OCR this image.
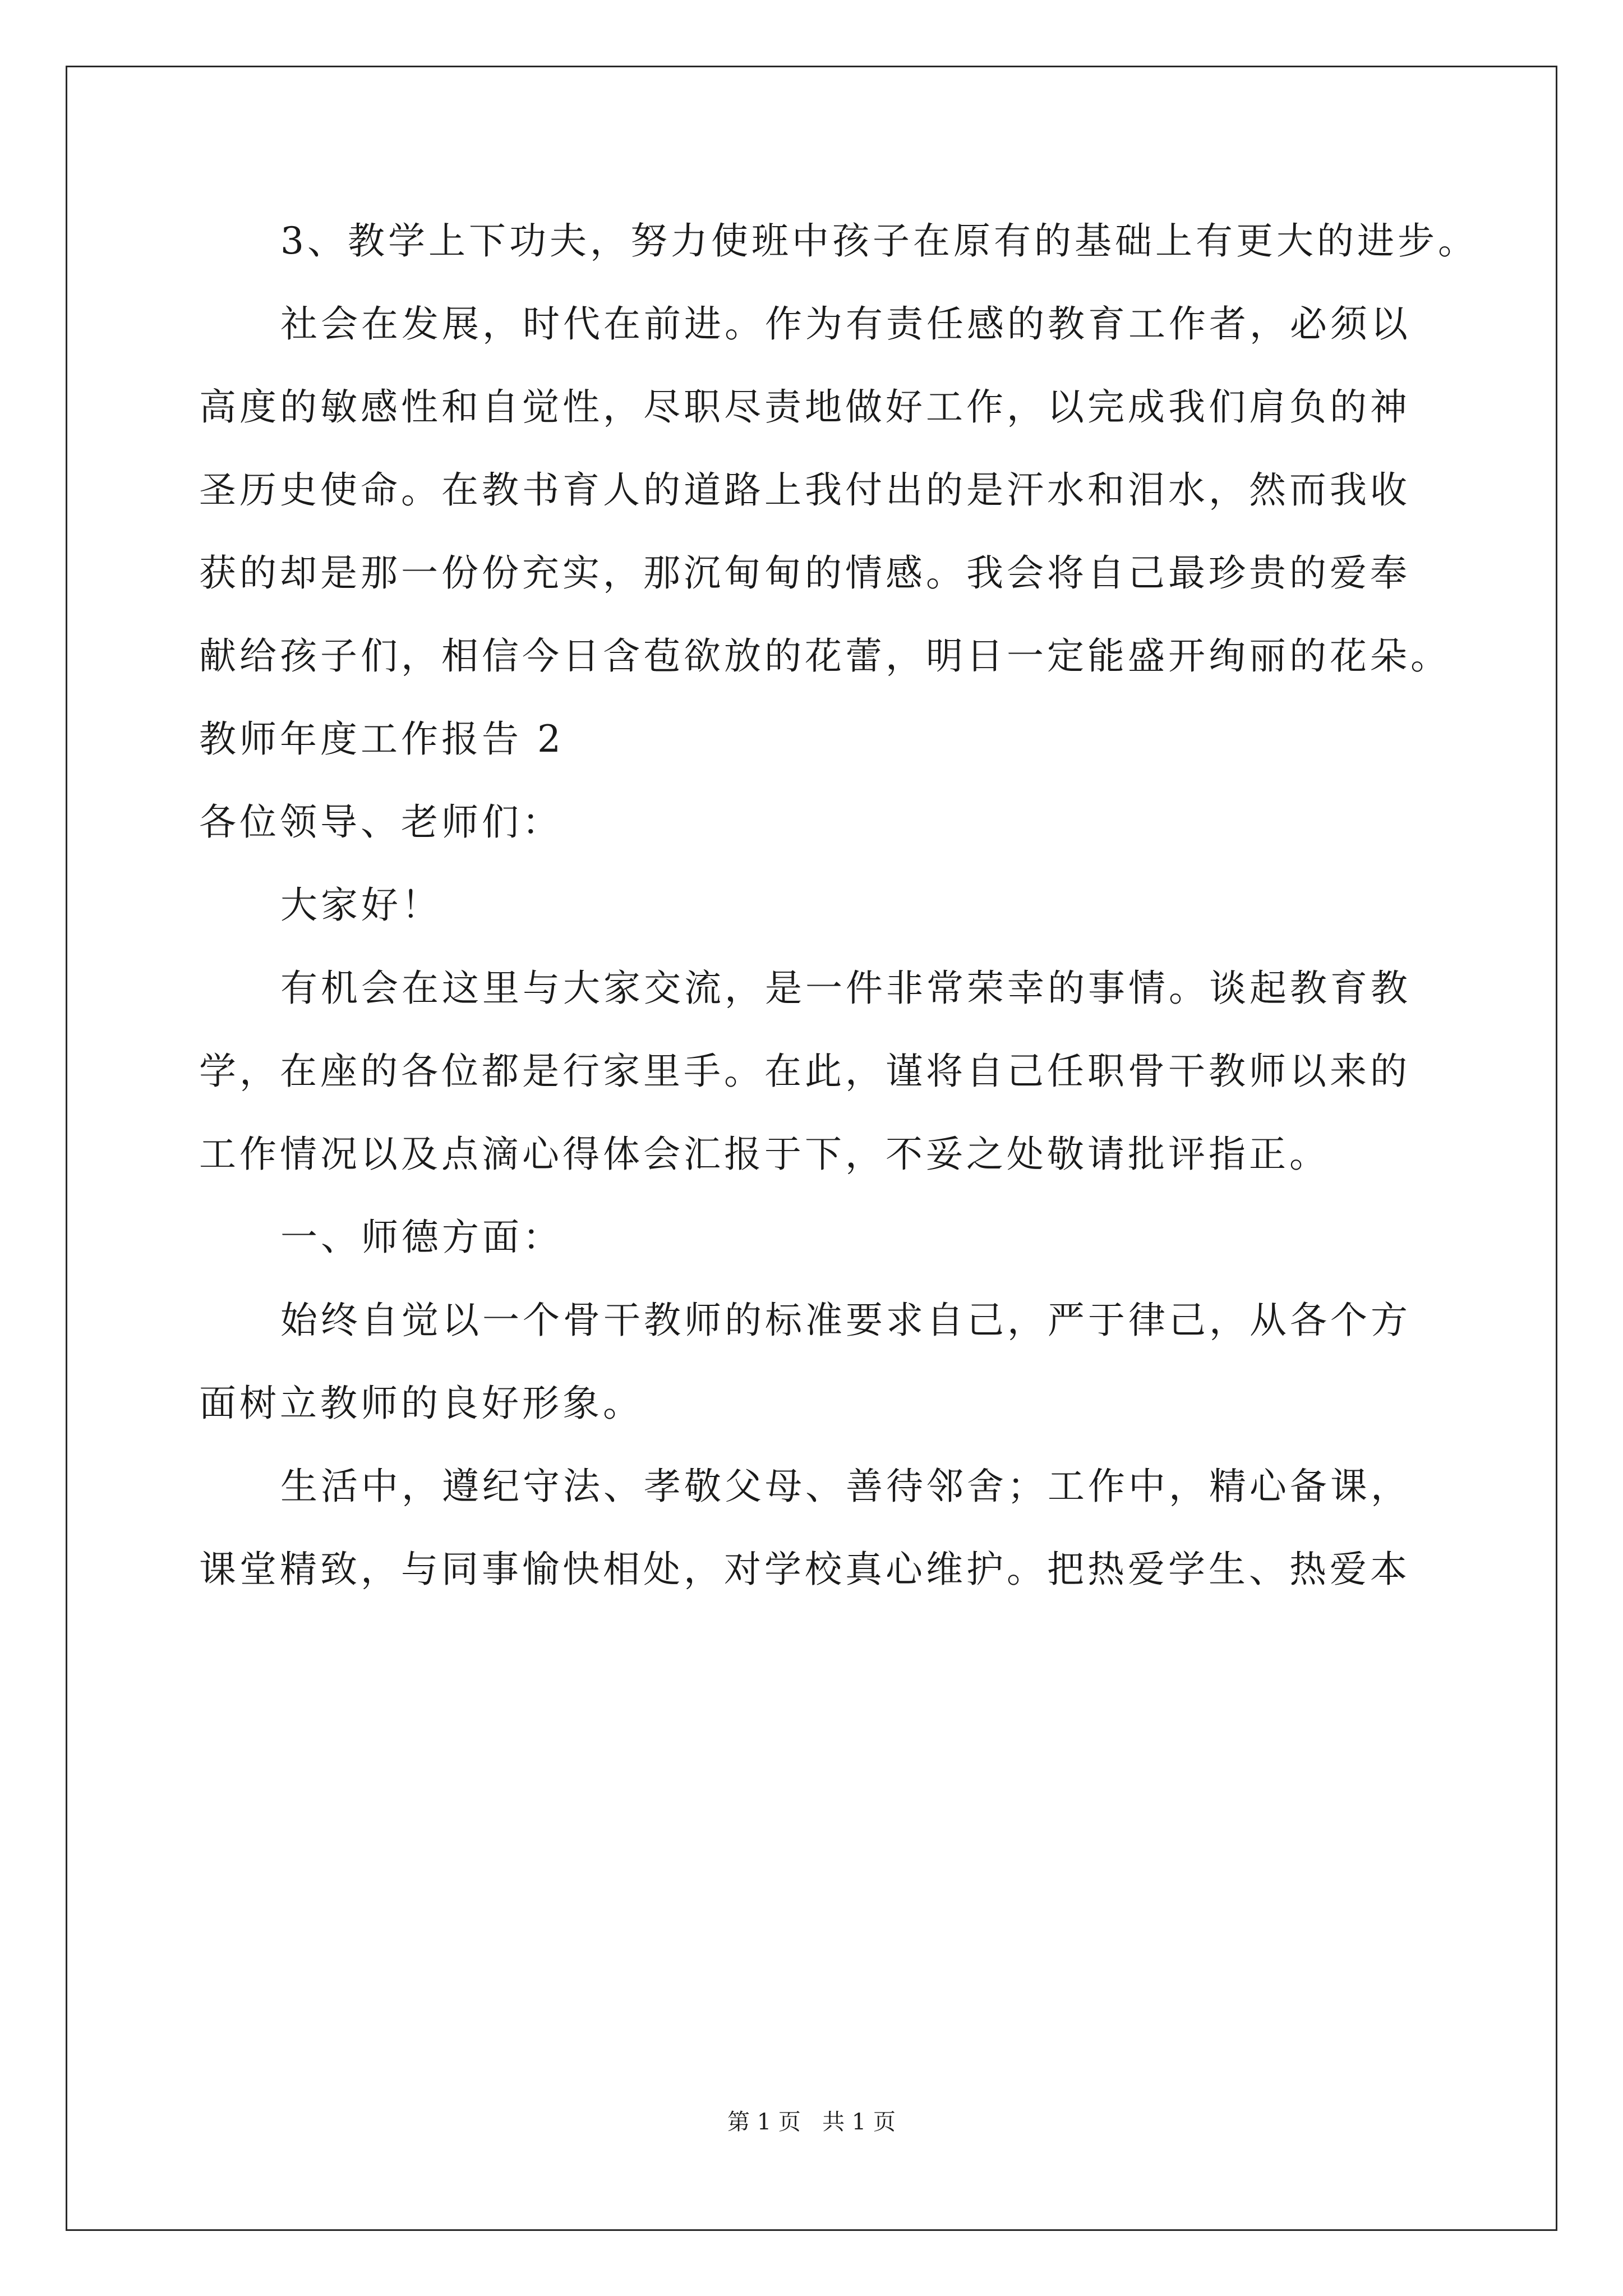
3、教学上下功夫，努力使班中孩子在原有的基础上有更大的进步。
社会在发展，时代在前进。作为有责任感的教育工作者，必须以
高度的敏感性和自觉性，尽职尽责地做好工作，以完成我们肩负的神
圣历史使命。在教书育人的道路上我付出的是汗水和泪水，然而我收
获的却是那一份份充实，那沉甸甸的情感。我会将自己最珍贵的爱奉
献给孩子们，相信今日含苞欲放的花蕾，明日一定能盛开绚丽的花朵。
教师年度工作报告 2
各位领导、老师们：
大家好！
有机会在这里与大家交流，是一件非常荣幸的事情。谈起教育教
学，在座的各位都是行家里手。在此，谨将自己任职骨干教师以来的
工作情况以及点滴心得体会汇报于下，不妥之处敬请批评指正。
一、师德方面：
始终自觉以一个骨干教师的标准要求自己，严于律己，从各个方
面树立教师的良好形象。
生活中，遵纪守法、孝敬父母、善待邻舍；工作中，精心备课，
课堂精致，与同事愉快相处，对学校真心维护。把热爱学生、热爱本
第 1 页   共 1 页
